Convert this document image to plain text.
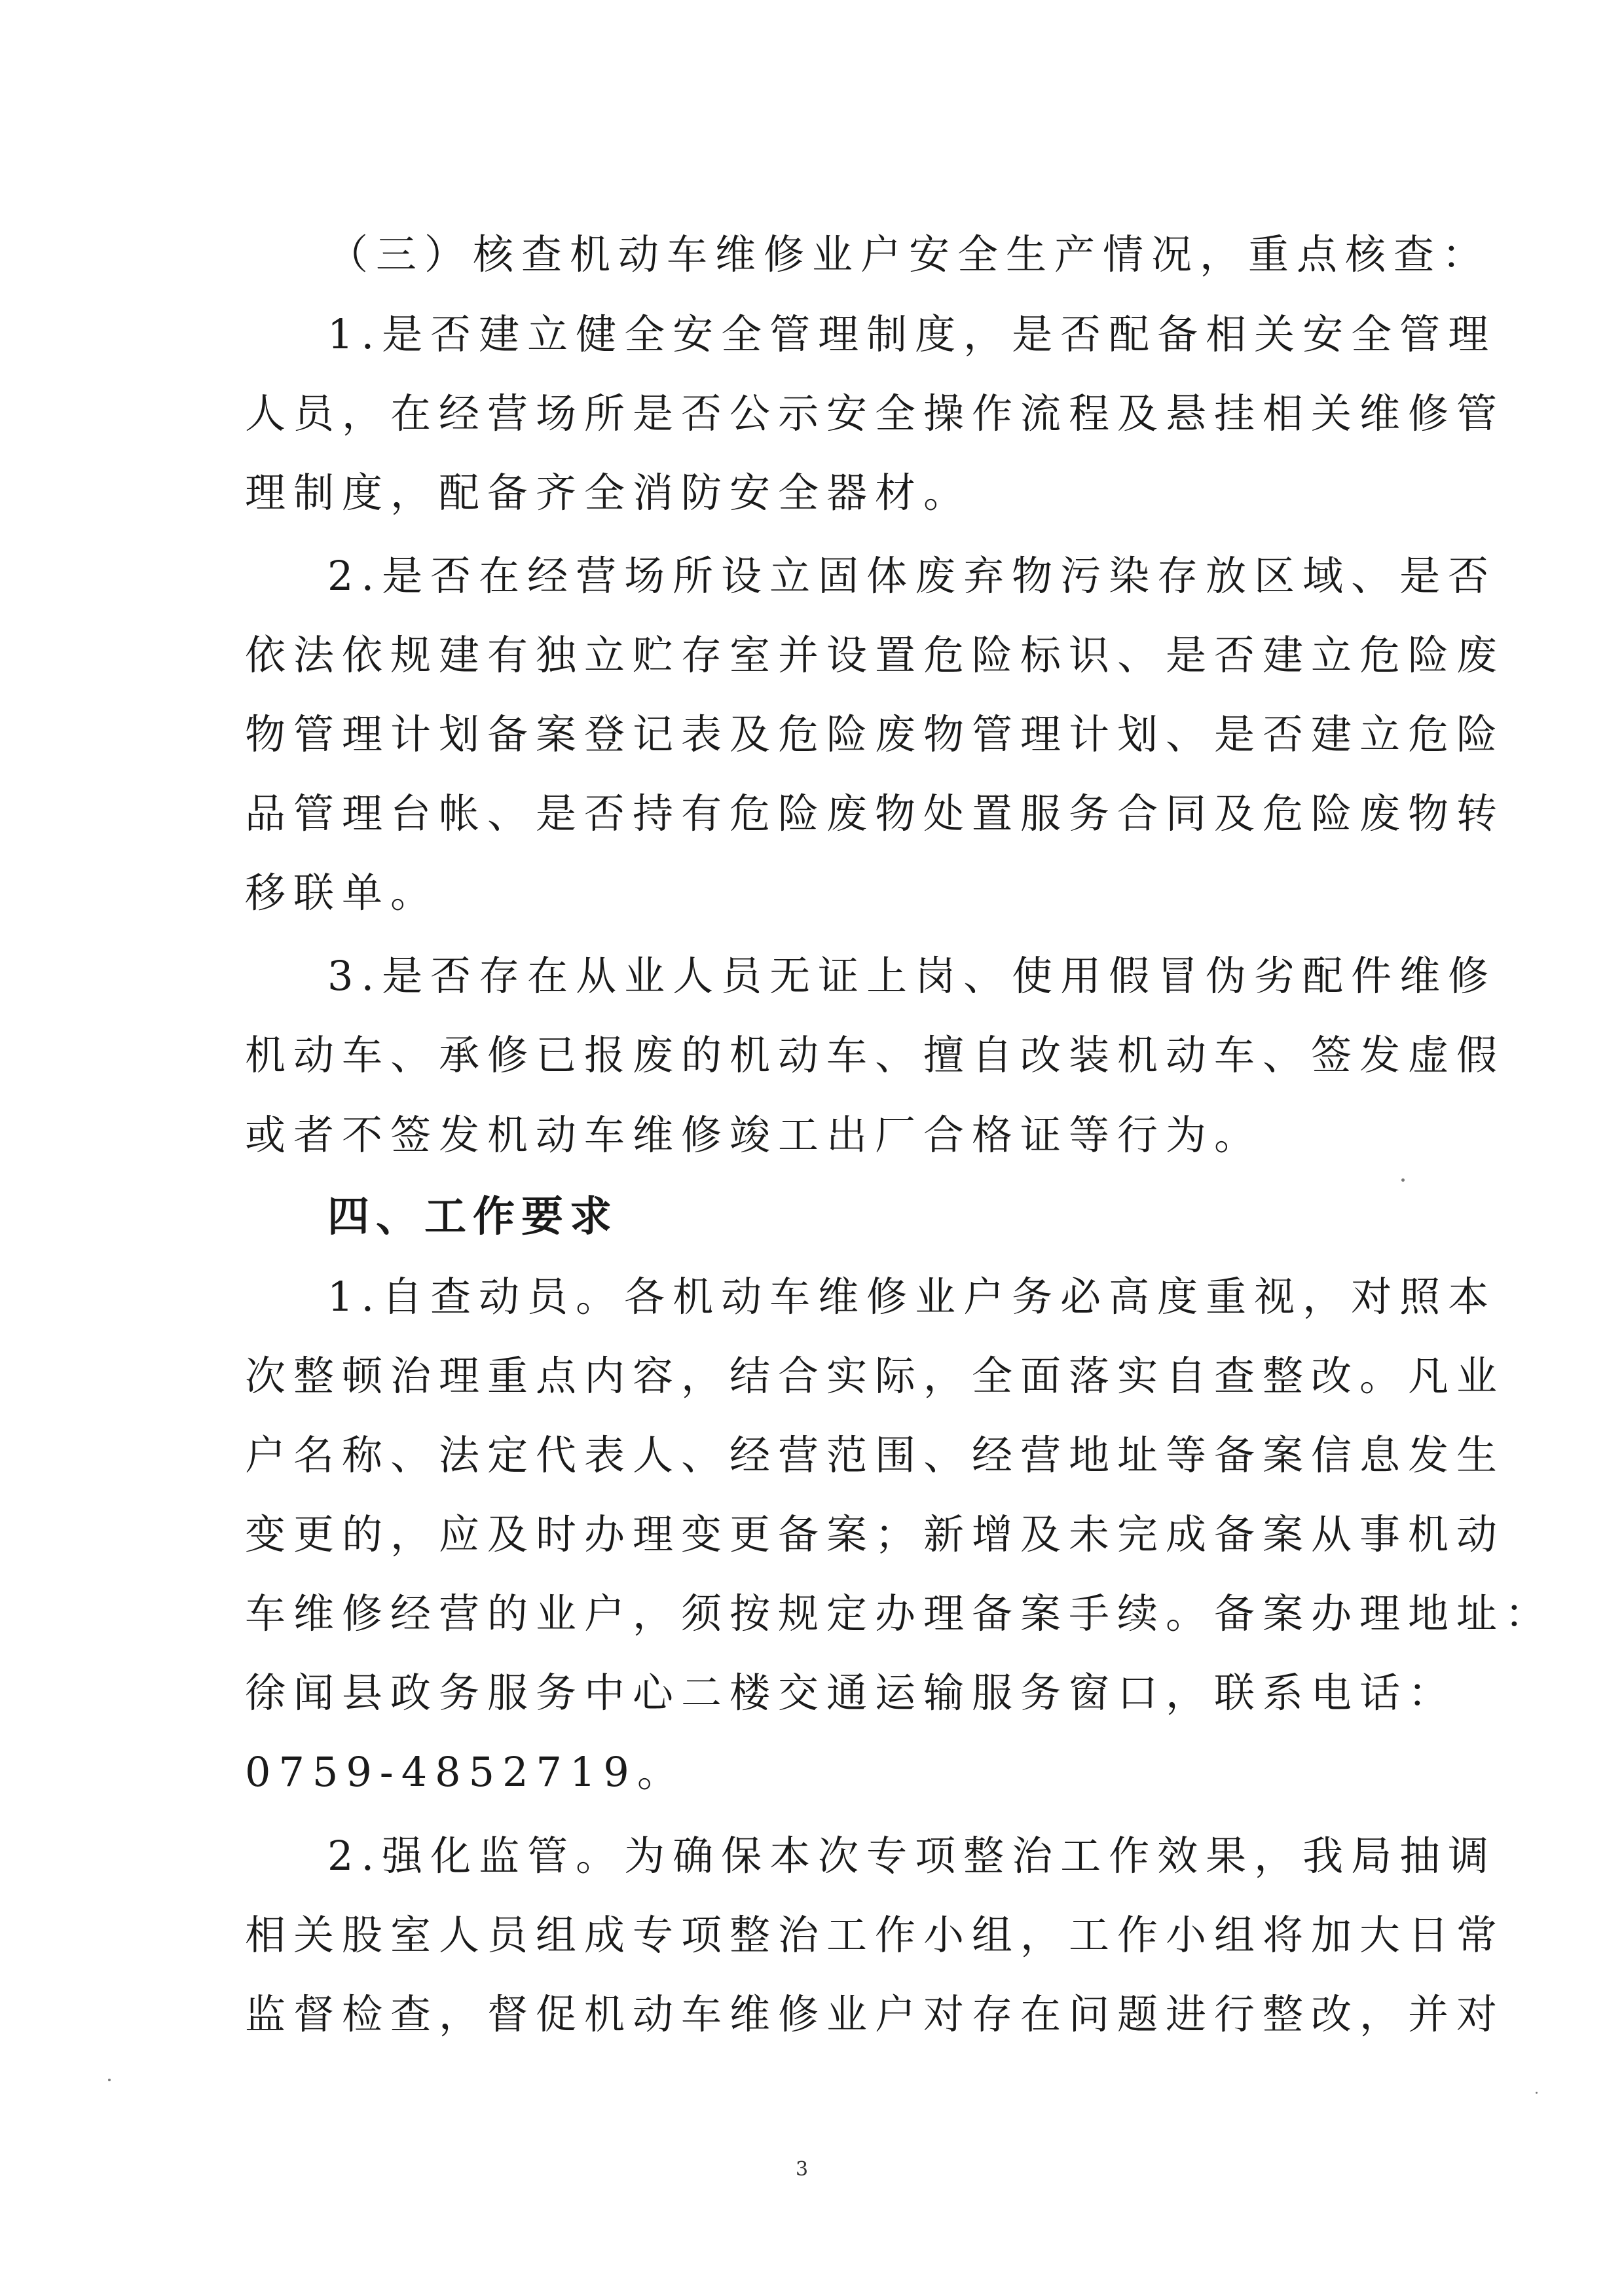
（三）核查机动车维修业户安全生产情况，重点核查：
1.是否建立健全安全管理制度，是否配备相关安全管理
人员，在经营场所是否公示安全操作流程及悬挂相关维修管
理制度，配备齐全消防安全器材。
2.是否在经营场所设立固体废弃物污染存放区域、是否
依法依规建有独立贮存室并设置危险标识、是否建立危险废
物管理计划备案登记表及危险废物管理计划、是否建立危险
品管理台帐、是否持有危险废物处置服务合同及危险废物转
移联单。
3.是否存在从业人员无证上岗、使用假冒伪劣配件维修
机动车、承修已报废的机动车、擅自改装机动车、签发虚假
或者不签发机动车维修竣工出厂合格证等行为。
四、工作要求
1.自查动员。各机动车维修业户务必高度重视，对照本
次整顿治理重点内容，结合实际，全面落实自查整改。凡业
户名称、法定代表人、经营范围、经营地址等备案信息发生
变更的，应及时办理变更备案；新增及未完成备案从事机动
车维修经营的业户，须按规定办理备案手续。备案办理地址：
徐闻县政务服务中心二楼交通运输服务窗口，联系电话：
0759-4852719。
2.强化监管。为确保本次专项整治工作效果，我局抽调
相关股室人员组成专项整治工作小组，工作小组将加大日常
监督检查，督促机动车维修业户对存在问题进行整改，并对
3
